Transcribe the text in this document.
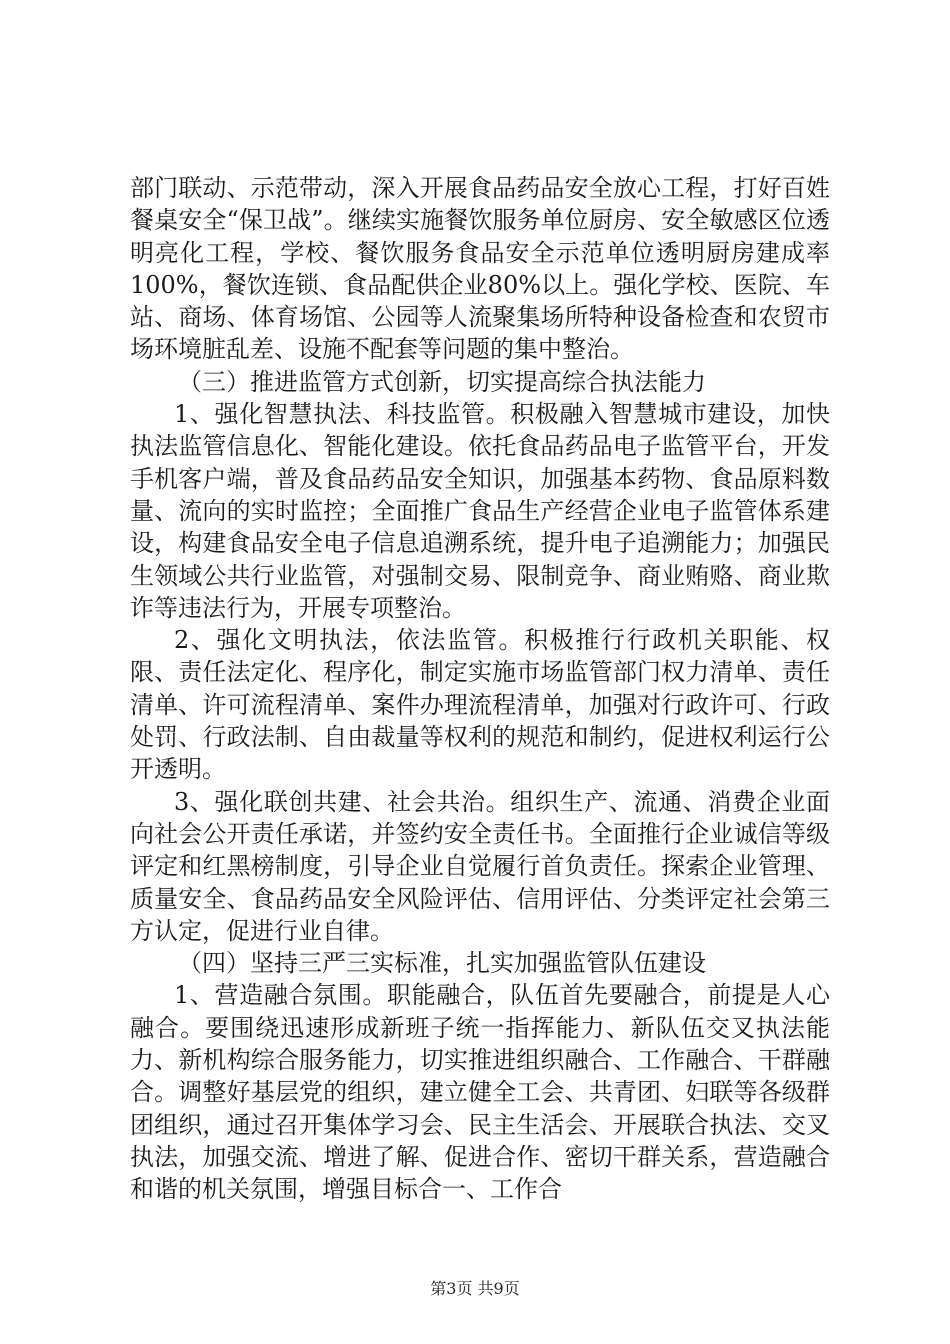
部门联动、示范带动，深入开展食品药品安全放心工程，打好百姓餐桌安全“保卫战”。继续实施餐饮服务单位厨房、安全敏感区位透明亮化工程，学校、餐饮服务食品安全示范单位透明厨房建成率100%，餐饮连锁、食品配供企业80%以上。强化学校、医院、车站、商场、体育场馆、公园等人流聚集场所特种设备检查和农贸市场环境脏乱差、设施不配套等问题的集中整治。

（三）推进监管方式创新，切实提高综合执法能力

1、强化智慧执法、科技监管。积极融入智慧城市建设，加快执法监管信息化、智能化建设。依托食品药品电子监管平台，开发手机客户端，普及食品药品安全知识，加强基本药物、食品原料数量、流向的实时监控；全面推广食品生产经营企业电子监管体系建设，构建食品安全电子信息追溯系统，提升电子追溯能力；加强民生领域公共行业监管，对强制交易、限制竞争、商业贿赂、商业欺诈等违法行为，开展专项整治。

2、强化文明执法，依法监管。积极推行行政机关职能、权限、责任法定化、程序化，制定实施市场监管部门权力清单、责任清单、许可流程清单、案件办理流程清单，加强对行政许可、行政处罚、行政法制、自由裁量等权利的规范和制约，促进权利运行公开透明。

3、强化联创共建、社会共治。组织生产、流通、消费企业面向社会公开责任承诺，并签约安全责任书。全面推行企业诚信等级评定和红黑榜制度，引导企业自觉履行首负责任。探索企业管理、质量安全、食品药品安全风险评估、信用评估、分类评定社会第三方认定，促进行业自律。

（四）坚持三严三实标准，扎实加强监管队伍建设

1、营造融合氛围。职能融合，队伍首先要融合，前提是人心融合。要围绕迅速形成新班子统一指挥能力、新队伍交叉执法能力、新机构综合服务能力，切实推进组织融合、工作融合、干群融合。调整好基层党的组织，建立健全工会、共青团、妇联等各级群团组织，通过召开集体学习会、民主生活会、开展联合执法、交叉执法，加强交流、增进了解、促进合作、密切干群关系，营造融合和谐的机关氛围，增强目标合一、工作合

第3页 共9页
